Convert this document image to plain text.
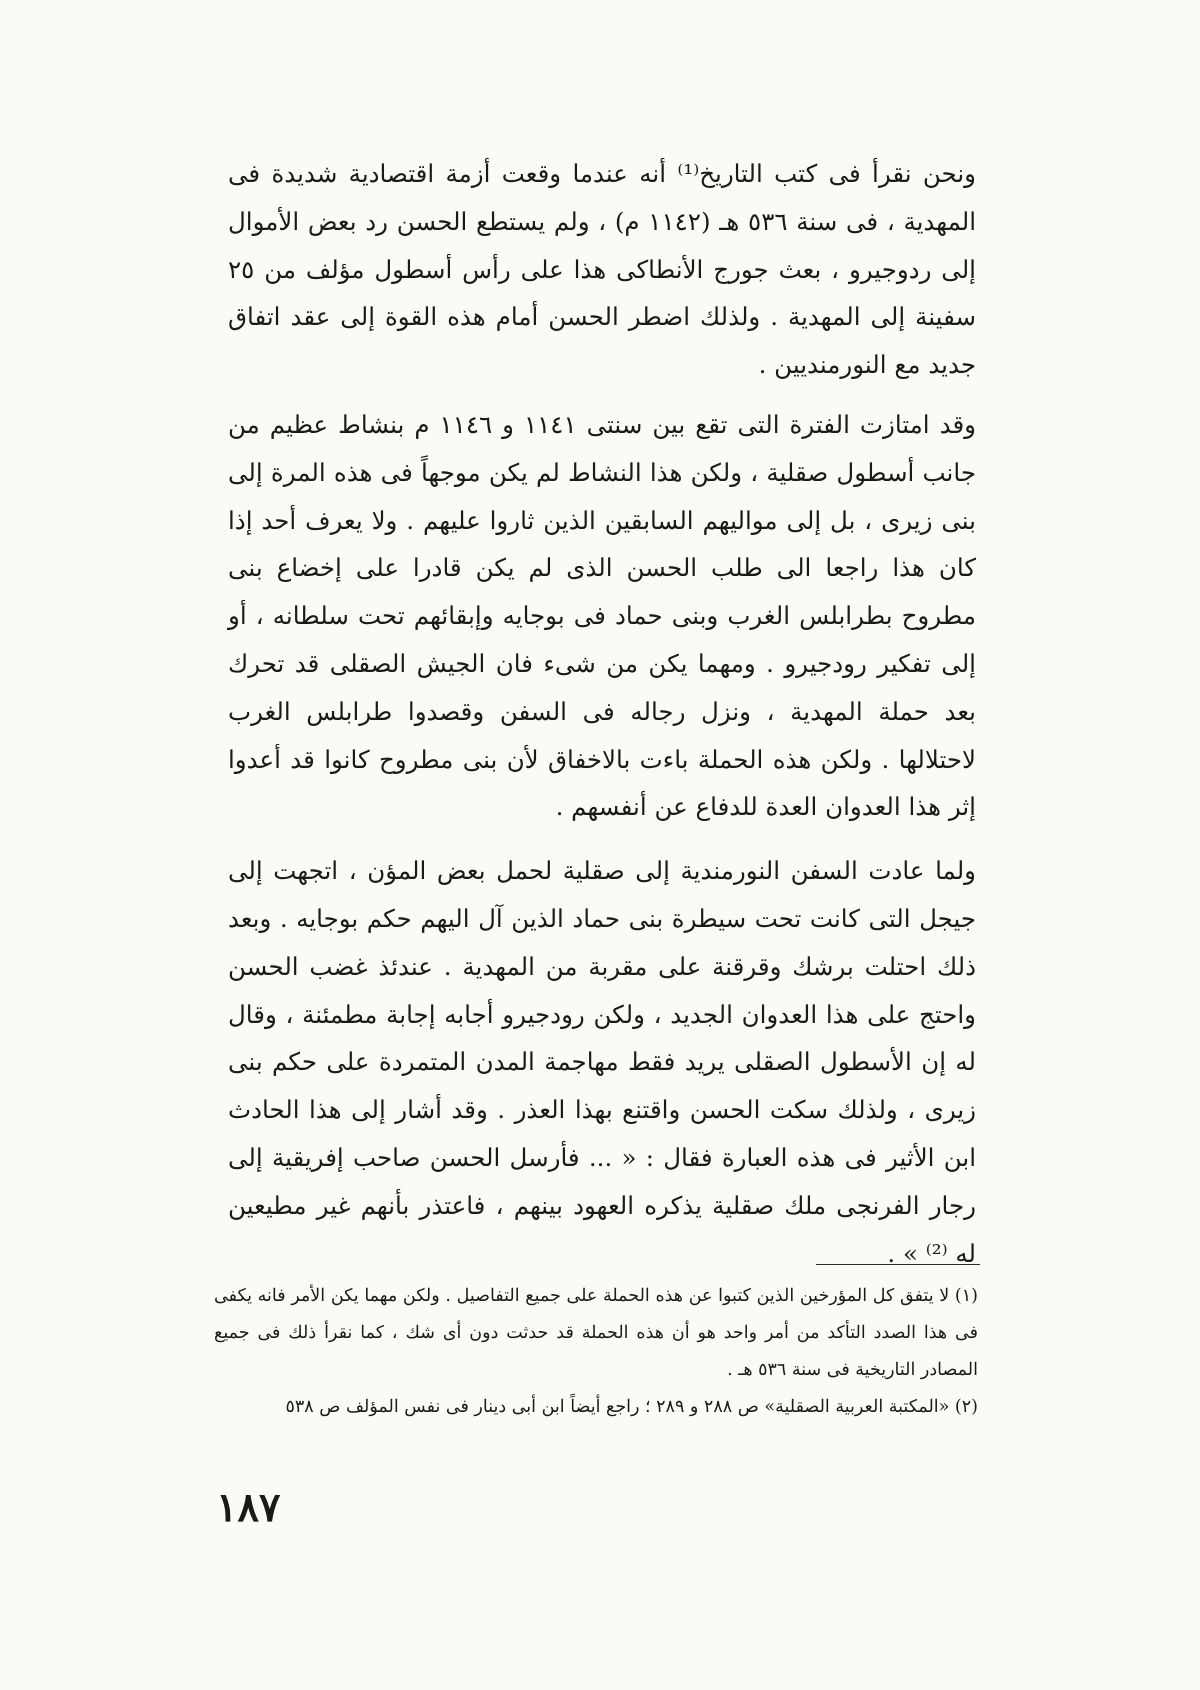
ونحن نقرأ فى كتب التاريخ⁽¹⁾ أنه عندما وقعت أزمة اقتصادية شديدة فى المهدية ، فى سنة ٥٣٦ هـ (١١٤٢ م) ، ولم يستطع الحسن رد بعض الأموال إلى ردوجيرو ، بعث جورج الأنطاكى هذا على رأس أسطول مؤلف من ٢٥ سفينة إلى المهدية . ولذلك اضطر الحسن أمام هذه القوة إلى عقد اتفاق جديد مع النورمنديين .

وقد امتازت الفترة التى تقع بين سنتى ١١٤١ و ١١٤٦ م بنشاط عظيم من جانب أسطول صقلية ، ولكن هذا النشاط لم يكن موجهاً فى هذه المرة إلى بنى زيرى ، بل إلى مواليهم السابقين الذين ثاروا عليهم . ولا يعرف أحد إذا كان هذا راجعا الى طلب الحسن الذى لم يكن قادرا على إخضاع بنى مطروح بطرابلس الغرب وبنى حماد فى بوجايه وإبقائهم تحت سلطانه ، أو إلى تفكير رودجيرو . ومهما يكن من شىء فان الجيش الصقلى قد تحرك بعد حملة المهدية ، ونزل رجاله فى السفن وقصدوا طرابلس الغرب لاحتلالها . ولكن هذه الحملة باءت بالاخفاق لأن بنى مطروح كانوا قد أعدوا إثر هذا العدوان العدة للدفاع عن أنفسهم .

ولما عادت السفن النورمندية إلى صقلية لحمل بعض المؤن ، اتجهت إلى جيجل التى كانت تحت سيطرة بنى حماد الذين آل اليهم حكم بوجايه . وبعد ذلك احتلت برشك وقرقنة على مقربة من المهدية . عندئذ غضب الحسن واحتج على هذا العدوان الجديد ، ولكن رودجيرو أجابه إجابة مطمئنة ، وقال له إن الأسطول الصقلى يريد فقط مهاجمة المدن المتمردة على حكم بنى زيرى ، ولذلك سكت الحسن واقتنع بهذا العذر . وقد أشار إلى هذا الحادث ابن الأثير فى هذه العبارة فقال : « ... فأرسل الحسن صاحب إفريقية إلى رجار الفرنجى ملك صقلية يذكره العهود بينهم ، فاعتذر بأنهم غير مطيعين له ⁽²⁾ » .

(١) لا يتفق كل المؤرخين الذين كتبوا عن هذه الحملة على جميع التفاصيل . ولكن مهما يكن الأمر فانه يكفى فى هذا الصدد التأكد من أمر واحد هو أن هذه الحملة قد حدثت دون أى شك ، كما نقرأ ذلك فى جميع المصادر التاريخية فى سنة ٥٣٦ هـ .

(٢) «المكتبة العربية الصقلية» ص ٢٨٨ و ٢٨٩ ؛ راجع أيضاً ابن أبى دينار فى نفس المؤلف ص ٥٣٨

١٨٧
